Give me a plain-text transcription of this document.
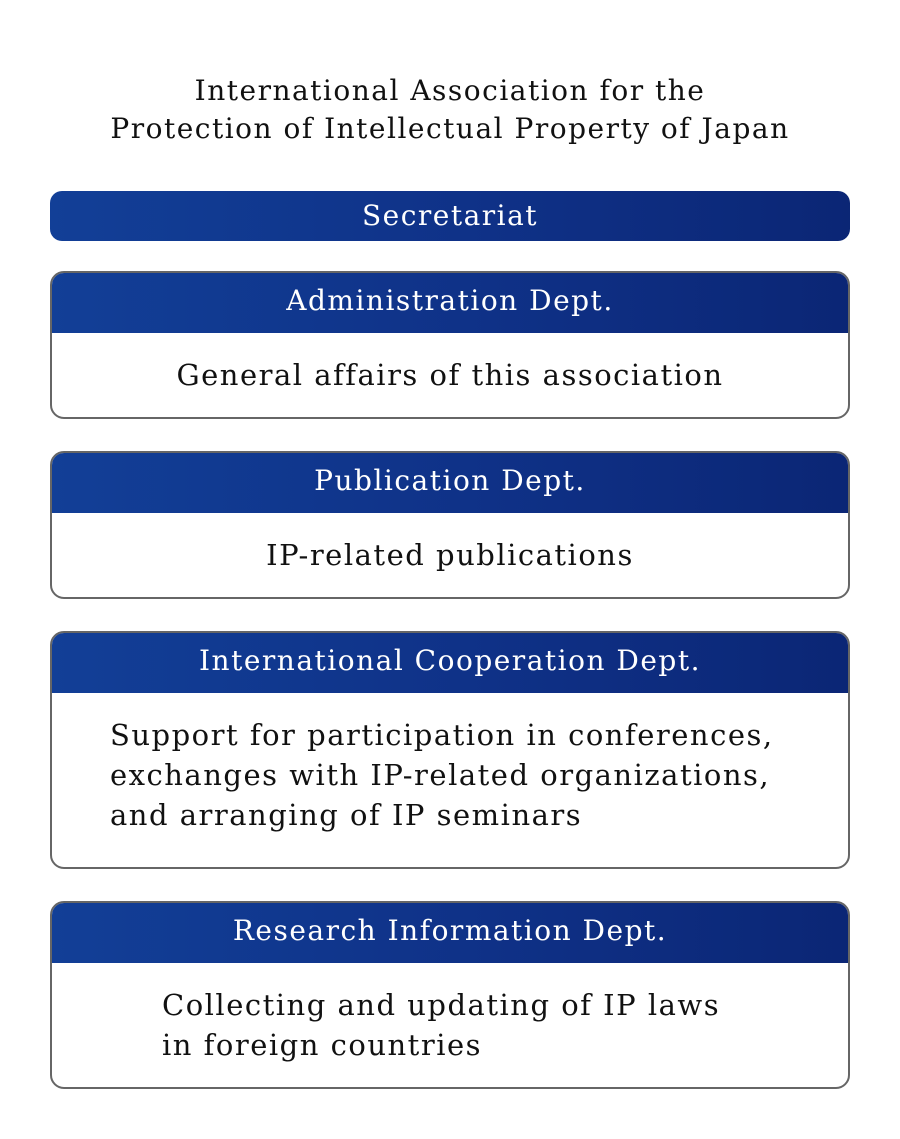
International Association for the
Protection of Intellectual Property of Japan
Secretariat
Administration Dept.
General affairs of this association
Publication Dept.
IP-related publications
International Cooperation Dept.
Support for participation in conferences,
exchanges with IP-related organizations,
and arranging of IP seminars
Research Information Dept.
Collecting and updating of IP laws
in foreign countries
